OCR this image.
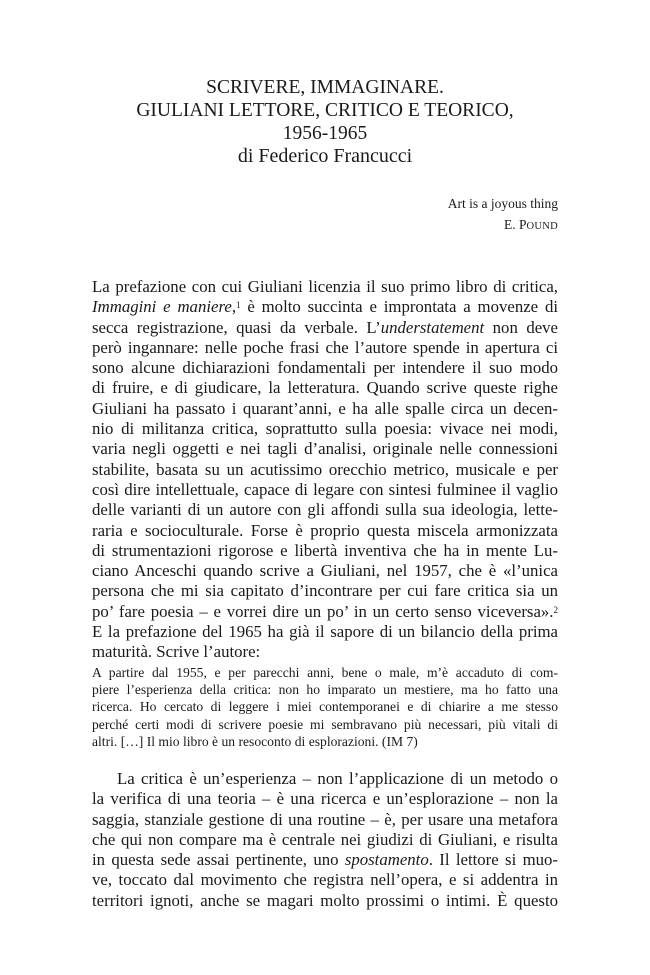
SCRIVERE, IMMAGINARE.
GIULIANI LETTORE, CRITICO E TEORICO,
1956-1965
di Federico Francucci
Art is a joyous thing
E. POUND
La prefazione con cui Giuliani licenzia il suo primo libro di critica,
Immagini e maniere,$^1$ è molto succinta e improntata a movenze di
secca registrazione, quasi da verbale. L’understatement non deve
però ingannare: nelle poche frasi che l’autore spende in apertura ci
sono alcune dichiarazioni fondamentali per intendere il suo modo
di fruire, e di giudicare, la letteratura. Quando scrive queste righe
Giuliani ha passato i quarant’anni, e ha alle spalle circa un decen-
nio di militanza critica, soprattutto sulla poesia: vivace nei modi,
varia negli oggetti e nei tagli d’analisi, originale nelle connessioni
stabilite, basata su un acutissimo orecchio metrico, musicale e per
così dire intellettuale, capace di legare con sintesi fulminee il vaglio
delle varianti di un autore con gli affondi sulla sua ideologia, lette-
raria e socioculturale. Forse è proprio questa miscela armonizzata
di strumentazioni rigorose e libertà inventiva che ha in mente Lu-
ciano Anceschi quando scrive a Giuliani, nel 1957, che è «l’unica
persona che mi sia capitato d’incontrare per cui fare critica sia un
po’ fare poesia – e vorrei dire un po’ in un certo senso viceversa».$^2$
E la prefazione del 1965 ha già il sapore di un bilancio della prima
maturità. Scrive l’autore:
A partire dal 1955, e per parecchi anni, bene o male, m’è accaduto di com-
piere l’esperienza della critica: non ho imparato un mestiere, ma ho fatto una
ricerca. Ho cercato di leggere i miei contemporanei e di chiarire a me stesso
perché certi modi di scrivere poesie mi sembravano più necessari, più vitali di
altri. […] Il mio libro è un resoconto di esplorazioni. (IM 7)
La critica è un’esperienza – non l’applicazione di un metodo o
la verifica di una teoria – è una ricerca e un’esplorazione – non la
saggia, stanziale gestione di una routine – è, per usare una metafora
che qui non compare ma è centrale nei giudizi di Giuliani, e risulta
in questa sede assai pertinente, uno spostamento. Il lettore si muo-
ve, toccato dal movimento che registra nell’opera, e si addentra in
territori ignoti, anche se magari molto prossimi o intimi. È questo
